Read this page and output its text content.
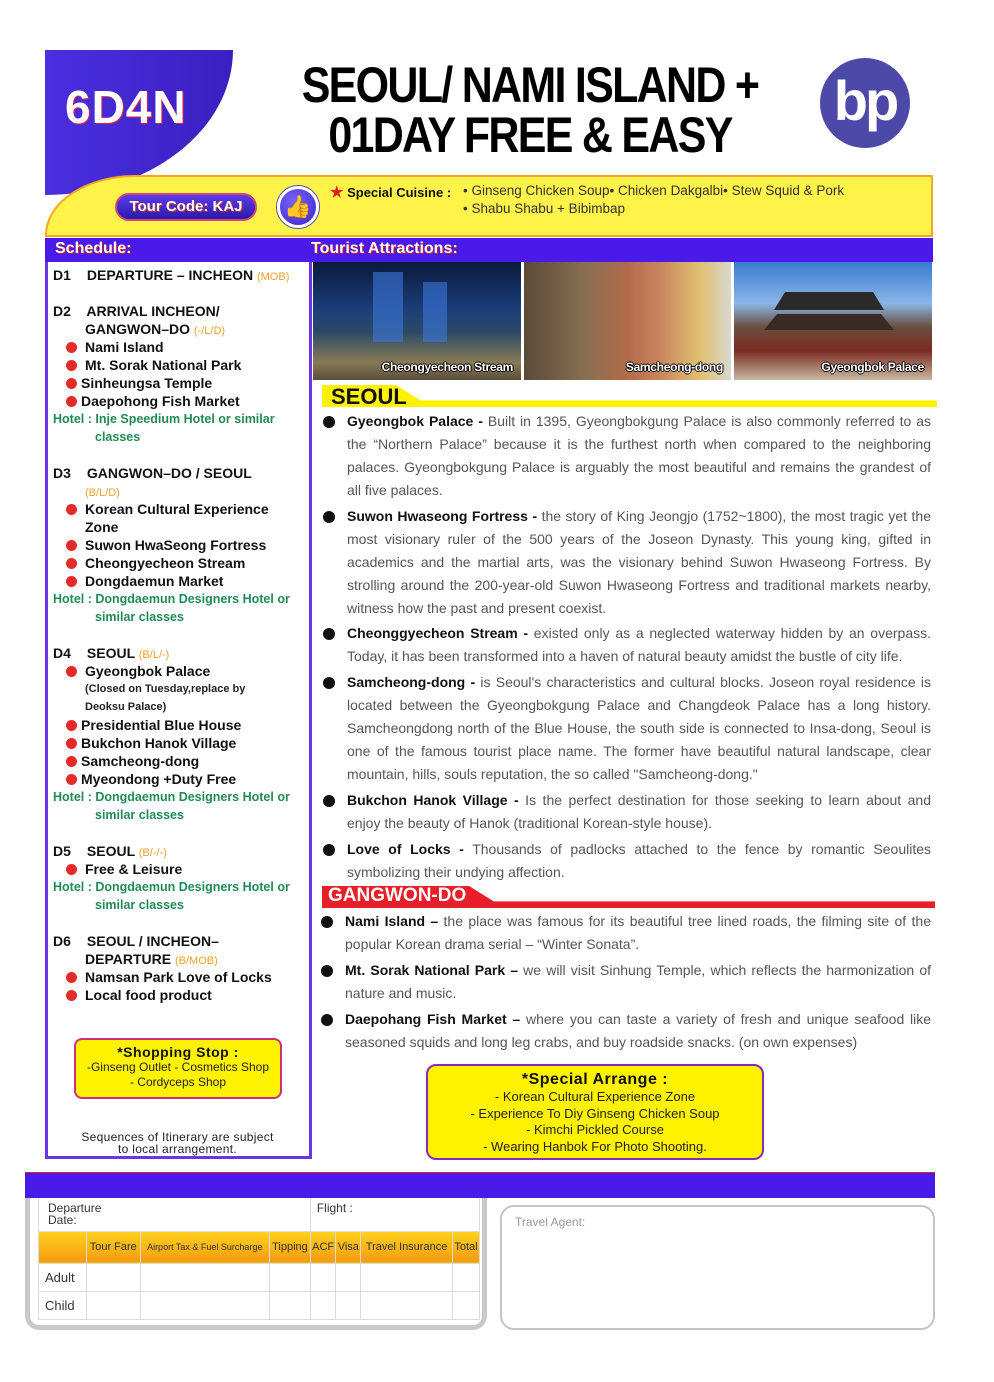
6D4N SEOUL/ NAMI ISLAND +
01DAY FREE & EASY
bp
Tour Code: KAJ	👍
★ Special Cuisine : • Ginseng Chicken Soup• Chicken Dakgalbi• Stew Squid & Pork
• Shabu Shabu + Bibimbap
Schedule:	Tourist Attractions:
D1 DEPARTURE – INCHEON (MOB)
D2 ARRIVAL INCHEON/
GANGWON–DO (-/L/D)
Nami Island
Mt. Sorak National Park
Sinheungsa Temple
Daepohong Fish Market
Hotel : Inje Speedium Hotel or similar
classes
D3 GANGWON–DO / SEOUL
(B/L/D)
Korean Cultural Experience
Zone
Suwon HwaSeong Fortress
Cheongyecheon Stream
Dongdaemun Market
Hotel : Dongdaemun Designers Hotel or
similar classes
D4 SEOUL (B/L/-)
Gyeongbok Palace
(Closed on Tuesday,replace by
Deoksu Palace)
Presidential Blue House
Bukchon Hanok Village
Samcheong-dong
Myeondong +Duty Free
Hotel : Dongdaemun Designers Hotel or
similar classes
D5 SEOUL (B/-/-)
Free & Leisure
Hotel : Dongdaemun Designers Hotel or
similar classes
D6 SEOUL / INCHEON–
DEPARTURE (B/MOB)
Namsan Park Love of Locks
Local food product
*Shopping Stop :
-Ginseng Outlet - Cosmetics Shop
- Cordyceps Shop
Sequences of Itinerary are subject
to local arrangement.
Cheongyecheon Stream	Samcheong-dong	Gyeongbok Palace
SEOUL
Gyeongbok Palace - Built in 1395, Gyeongbokgung Palace is also commonly referred to as the “Northern Palace” because it is the furthest north when compared to the neighboring palaces. Gyeongbokgung Palace is arguably the most beautiful and remains the grandest of all five palaces.
Suwon Hwaseong Fortress - the story of King Jeongjo (1752~1800), the most tragic yet the most visionary ruler of the 500 years of the Joseon Dynasty. This young king, gifted in academics and the martial arts, was the visionary behind Suwon Hwaseong Fortress. By strolling around the 200-year-old Suwon Hwaseong Fortress and traditional markets nearby, witness how the past and present coexist.
Cheonggyecheon Stream - existed only as a neglected waterway hidden by an overpass. Today, it has been transformed into a haven of natural beauty amidst the bustle of city life.
Samcheong-dong - is Seoul's characteristics and cultural blocks. Joseon royal residence is located between the Gyeongbokgung Palace and Changdeok Palace has a long history. Samcheongdong north of the Blue House, the south side is connected to Insa-dong, Seoul is one of the famous tourist place name. The former have beautiful natural landscape, clear mountain, hills, souls reputation, the so called "Samcheong-dong."
Bukchon Hanok Village - Is the perfect destination for those seeking to learn about and enjoy the beauty of Hanok (traditional Korean-style house).
Love of Locks - Thousands of padlocks attached to the fence by romantic Seoulites symbolizing their undying affection.
GANGWON-DO
Nami Island – the place was famous for its beautiful tree lined roads, the filming site of the popular Korean drama serial – “Winter Sonata”.
Mt. Sorak National Park – we will visit Sinhung Temple, which reflects the harmonization of nature and music.
Daepohang Fish Market – where you can taste a variety of fresh and unique seafood like seasoned squids and long leg crabs, and buy roadside snacks. (on own expenses)
*Special Arrange :
- Korean Cultural Experience Zone
- Experience To Diy Ginseng Chicken Soup
- Kimchi Pickled Course
- Wearing Hanbok For Photo Shooting.
Departure Date:				Flight :			
	Tour Fare	Airport Tax & Fuel Surcharge	Tipping	ACF	Visa	Travel Insurance	Total
Adult							
Child							
Travel Agent:
